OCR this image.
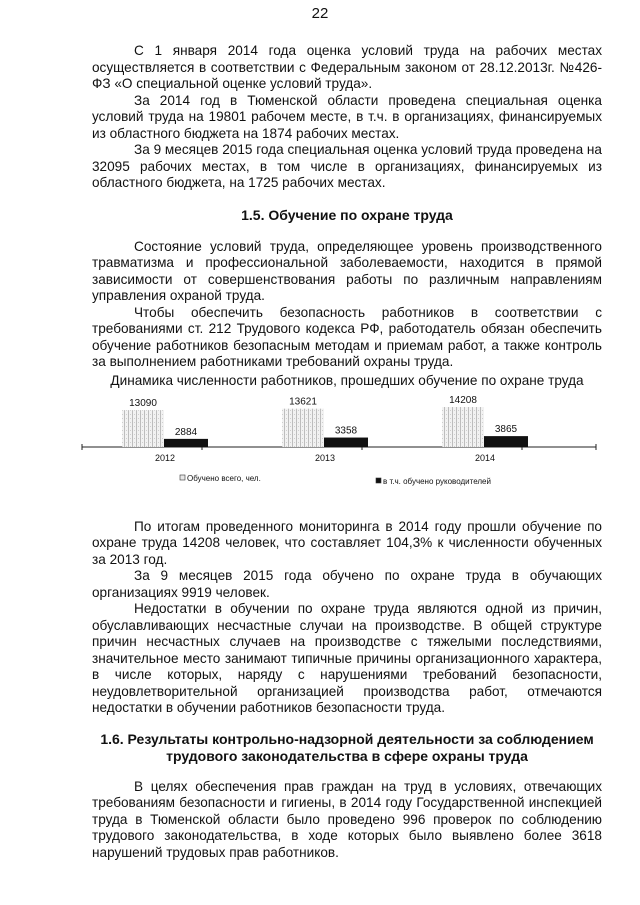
22

С 1 января 2014 года оценка условий труда на рабочих местах осуществляется в соответствии с Федеральным законом от 28.12.2013г. №426-ФЗ «О специальной оценке условий труда».

За 2014 год в Тюменской области проведена специальная оценка условий труда на 19801 рабочем месте, в т.ч. в организациях, финансируемых из областного бюджета на 1874 рабочих местах.

За 9 месяцев 2015 года специальная оценка условий труда проведена на 32095 рабочих местах, в том числе в организациях, финансируемых из областного бюджета, на 1725 рабочих местах.

1.5. Обучение по охране труда

Состояние условий труда, определяющее уровень производственного травматизма и профессиональной заболеваемости, находится в прямой зависимости от совершенствования работы по различным направлениям управления охраной труда.

Чтобы обеспечить безопасность работников в соответствии с требованиями ст. 212 Трудового кодекса РФ, работодатель обязан обеспечить обучение работников безопасным методам и приемам работ, а также контроль за выполнением работниками требований охраны труда.

Динамика численности работников, прошедших обучение по охране труда

13090
2884
2012
13621
3358
2013
14208
3865
2014
Обучено всего, чел.	в т.ч. обучено руководителей

По итогам проведенного мониторинга в 2014 году прошли обучение по охране труда 14208 человек, что составляет 104,3% к численности обученных за 2013 год.

За 9 месяцев 2015 года обучено по охране труда в обучающих организациях 9919 человек.

Недостатки в обучении по охране труда являются одной из причин, обуславливающих несчастные случаи на производстве. В общей структуре причин несчастных случаев на производстве с тяжелыми последствиями, значительное место занимают типичные причины организационного характера, в числе которых, наряду с нарушениями требований безопасности, неудовлетворительной организацией производства работ, отмечаются недостатки в обучении работников безопасности труда.

1.6. Результаты контрольно-надзорной деятельности за соблюдением трудового законодательства в сфере охраны труда

В целях обеспечения прав граждан на труд в условиях, отвечающих требованиям безопасности и гигиены, в 2014 году Государственной инспекцией труда в Тюменской области было проведено 996 проверок по соблюдению трудового законодательства, в ходе которых было выявлено более 3618 нарушений трудовых прав работников.
